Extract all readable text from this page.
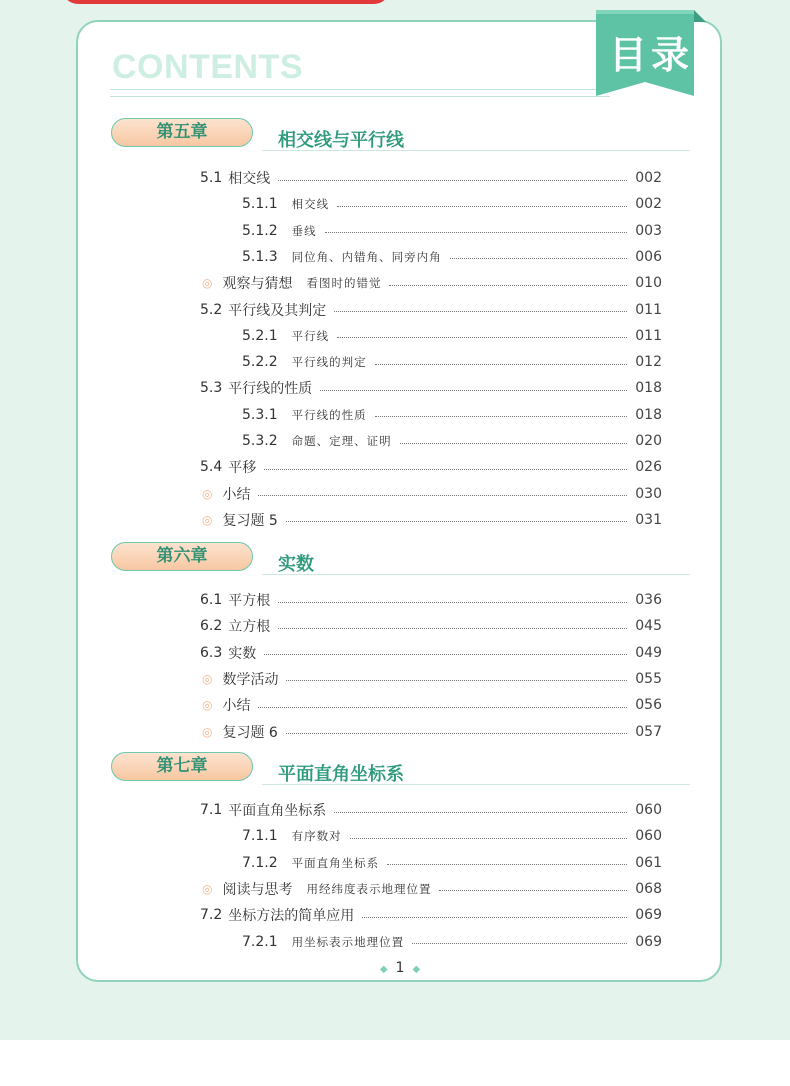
CONTENTS	目录
第五章	相交线与平行线
5.1 相交线	002
5.1.1 相交线	002
5.1.2 垂线	003
5.1.3 同位角、内错角、同旁内角	006
◎ 观察与猜想 看图时的错觉	010
5.2 平行线及其判定	011
5.2.1 平行线	011
5.2.2 平行线的判定	012
5.3 平行线的性质	018
5.3.1 平行线的性质	018
5.3.2 命题、定理、证明	020
5.4 平移	026
◎ 小结	030
◎ 复习题 5	031
第六章	实数
6.1 平方根	036
6.2 立方根	045
6.3 实数	049
◎ 数学活动	055
◎ 小结	056
◎ 复习题 6	057
第七章	平面直角坐标系
7.1 平面直角坐标系	060
7.1.1 有序数对	060
7.1.2 平面直角坐标系	061
◎ 阅读与思考 用经纬度表示地理位置	068
7.2 坐标方法的简单应用	069
7.2.1 用坐标表示地理位置	069
◆ 1 ◆
